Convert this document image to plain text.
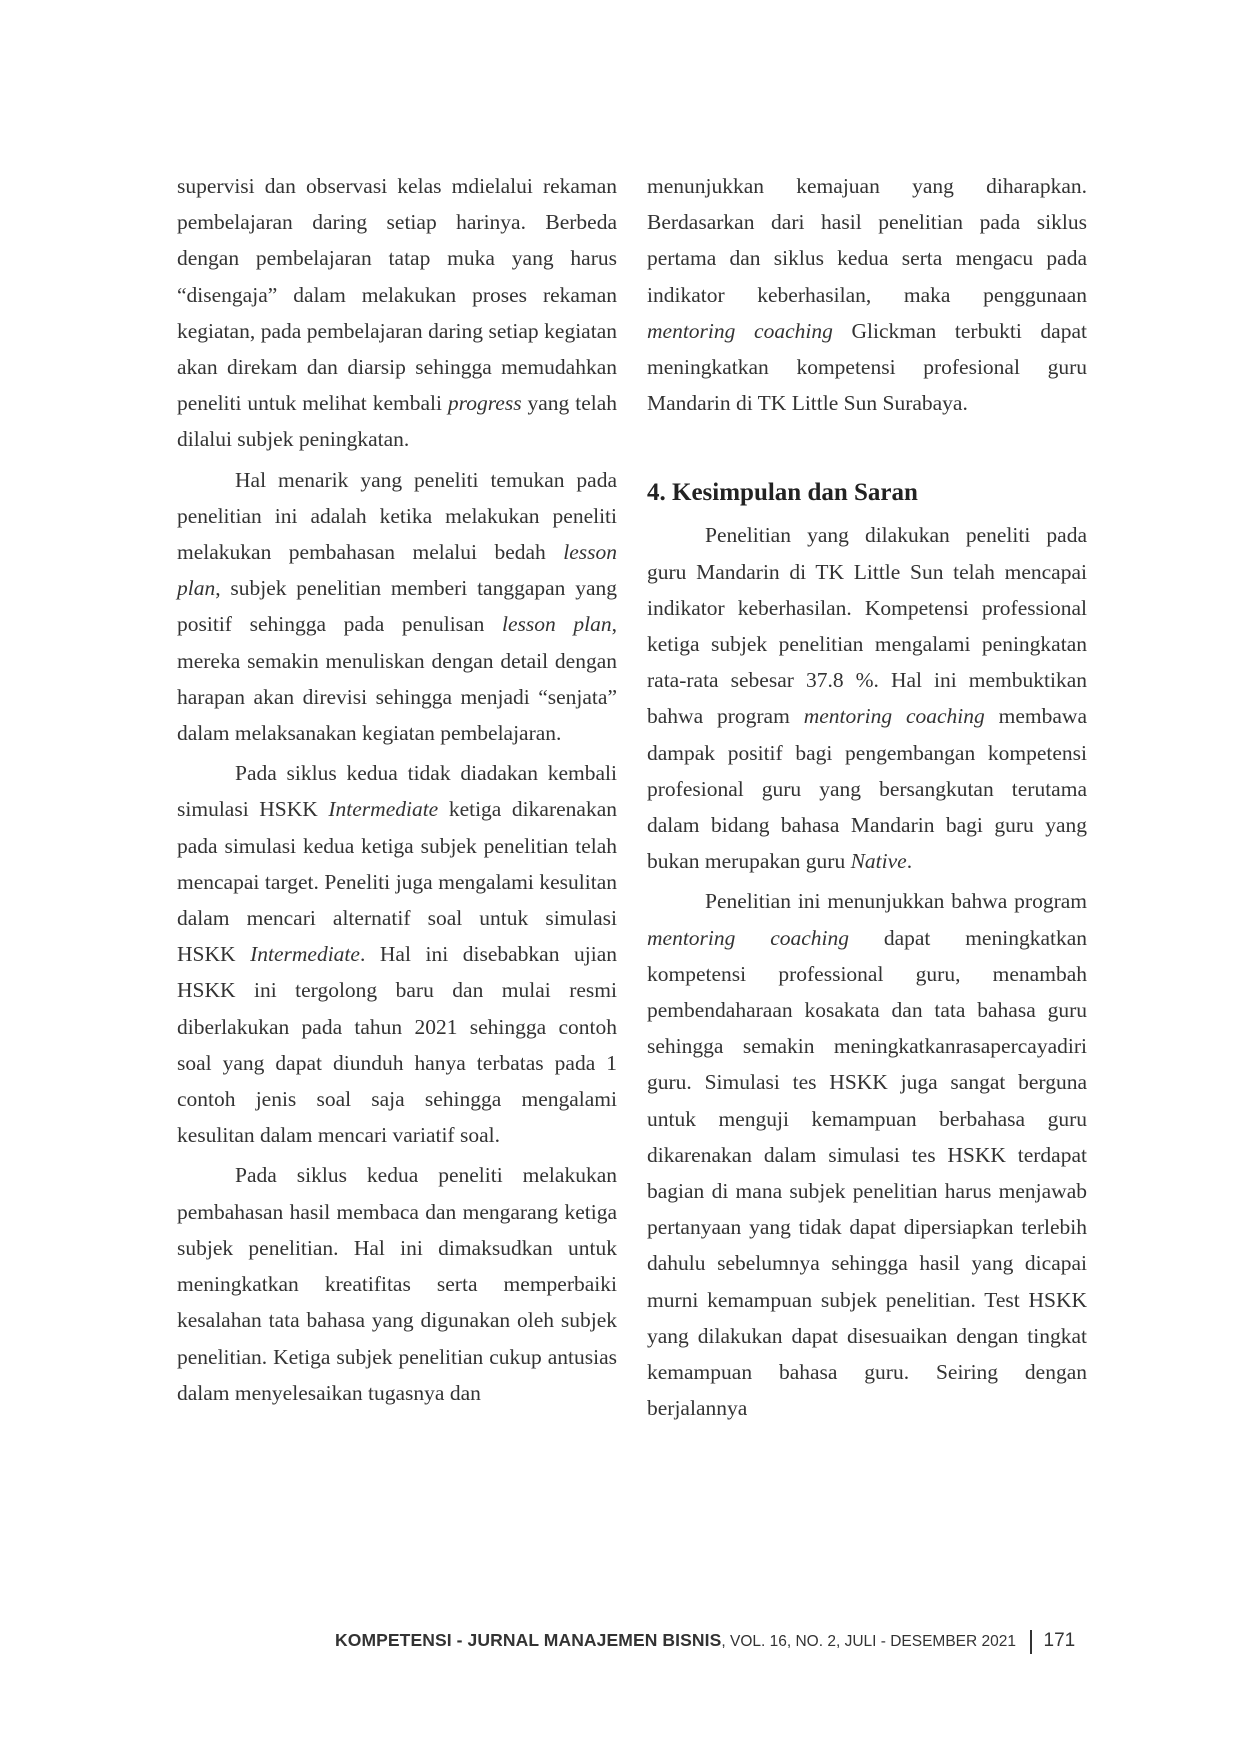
supervisi dan observasi kelas mdielalui rekaman pembelajaran daring setiap harinya. Berbeda dengan pembelajaran tatap muka yang harus “disengaja” dalam melakukan proses rekaman kegiatan, pada pembelajaran daring setiap kegiatan akan direkam dan diarsip sehingga memudahkan peneliti untuk melihat kembali progress yang telah dilalui subjek peningkatan.

Hal menarik yang peneliti temukan pada penelitian ini adalah ketika melakukan peneliti melakukan pembahasan melalui bedah lesson plan, subjek penelitian memberi tanggapan yang positif sehingga pada penulisan lesson plan, mereka semakin menuliskan dengan detail dengan harapan akan direvisi sehingga menjadi “senjata” dalam melaksanakan kegiatan pembelajaran.

Pada siklus kedua tidak diadakan kembali simulasi HSKK Intermediate ketiga dikarenakan pada simulasi kedua ketiga subjek penelitian telah mencapai target. Peneliti juga mengalami kesulitan dalam mencari alternatif soal untuk simulasi HSKK Intermediate. Hal ini disebabkan ujian HSKK ini tergolong baru dan mulai resmi diberlakukan pada tahun 2021 sehingga contoh soal yang dapat diunduh hanya terbatas pada 1 contoh jenis soal saja sehingga mengalami kesulitan dalam mencari variatif soal.

Pada siklus kedua peneliti melakukan pembahasan hasil membaca dan mengarang ketiga subjek penelitian. Hal ini dimaksudkan untuk meningkatkan kreatifitas serta memperbaiki kesalahan tata bahasa yang digunakan oleh subjek penelitian. Ketiga subjek penelitian cukup antusias dalam menyelesaikan tugasnya dan

menunjukkan kemajuan yang diharapkan. Berdasarkan dari hasil penelitian pada siklus pertama dan siklus kedua serta mengacu pada indikator keberhasilan, maka penggunaan mentoring coaching Glickman terbukti dapat meningkatkan kompetensi profesional guru Mandarin di TK Little Sun Surabaya.

4. Kesimpulan dan Saran

Penelitian yang dilakukan peneliti pada guru Mandarin di TK Little Sun telah mencapai indikator keberhasilan. Kompetensi professional ketiga subjek penelitian mengalami peningkatan rata-rata sebesar 37.8 %. Hal ini membuktikan bahwa program mentoring coaching membawa dampak positif bagi pengembangan kompetensi profesional guru yang bersangkutan terutama dalam bidang bahasa Mandarin bagi guru yang bukan merupakan guru Native.

Penelitian ini menunjukkan bahwa program mentoring coaching dapat meningkatkan kompetensi professional guru, menambah pembendaharaan kosakata dan tata bahasa guru sehingga semakin meningkatkanrasapercayadiri guru. Simulasi tes HSKK juga sangat berguna untuk menguji kemampuan berbahasa guru dikarenakan dalam simulasi tes HSKK terdapat bagian di mana subjek penelitian harus menjawab pertanyaan yang tidak dapat dipersiapkan terlebih dahulu sebelumnya sehingga hasil yang dicapai murni kemampuan subjek penelitian. Test HSKK yang dilakukan dapat disesuaikan dengan tingkat kemampuan bahasa guru. Seiring dengan berjalannya

KOMPETENSI - JURNAL MANAJEMEN BISNIS, VOL. 16, NO. 2, JULI - DESEMBER 2021 171
